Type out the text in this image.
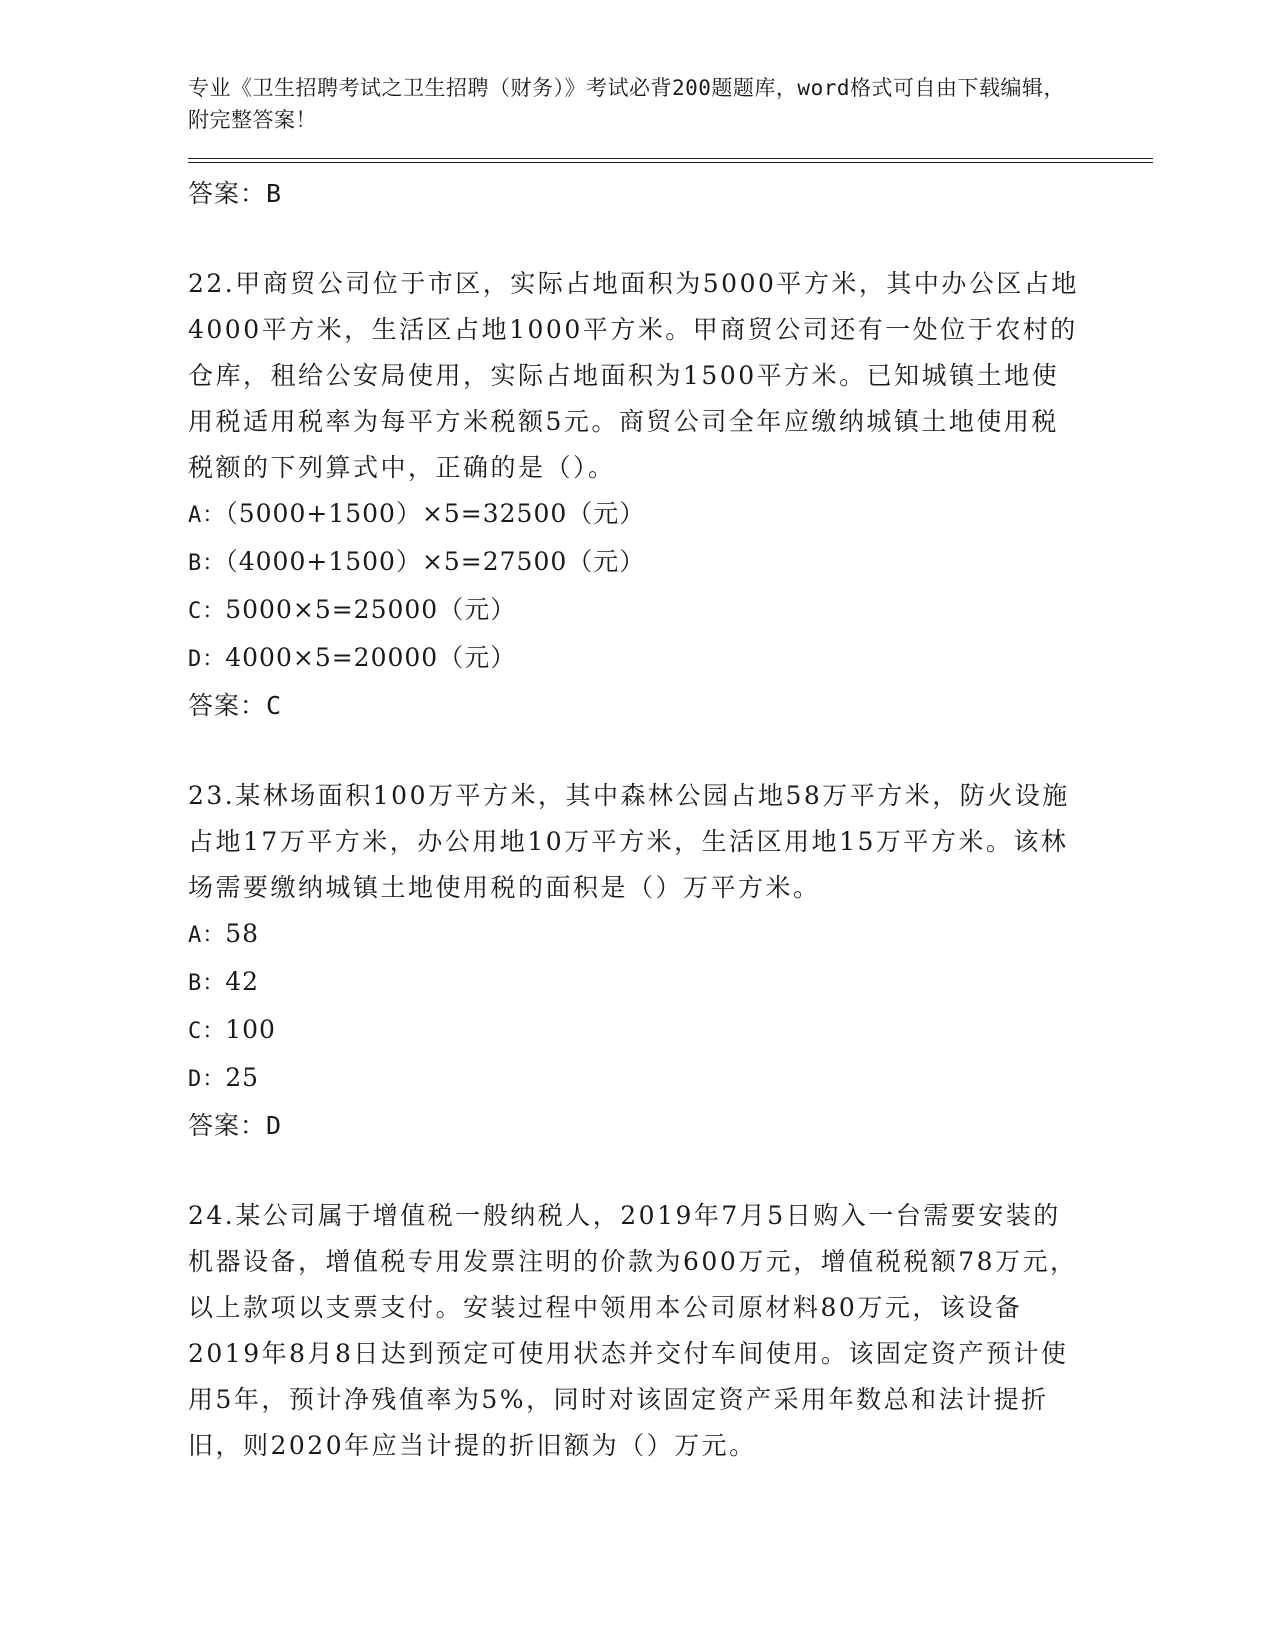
专业《卫生招聘考试之卫生招聘（财务）》考试必背200题题库，word格式可自由下载编辑，附完整答案！
答案：B
22.甲商贸公司位于市区，实际占地面积为5000平方米，其中办公区占地4000平方米，生活区占地1000平方米。甲商贸公司还有一处位于农村的仓库，租给公安局使用，实际占地面积为1500平方米。已知城镇土地使用税适用税率为每平方米税额5元。商贸公司全年应缴纳城镇土地使用税税额的下列算式中，正确的是（）。
A：（5000+1500）×5=32500（元）
B：（4000+1500）×5=27500（元）
C：5000×5=25000（元）
D：4000×5=20000（元）
答案：C
23.某林场面积100万平方米，其中森林公园占地58万平方米，防火设施占地17万平方米，办公用地10万平方米，生活区用地15万平方米。该林场需要缴纳城镇土地使用税的面积是（）万平方米。
A：58
B：42
C：100
D：25
答案：D
24.某公司属于增值税一般纳税人，2019年7月5日购入一台需要安装的机器设备，增值税专用发票注明的价款为600万元，增值税税额78万元，以上款项以支票支付。安装过程中领用本公司原材料80万元，该设备2019年8月8日达到预定可使用状态并交付车间使用。该固定资产预计使用5年，预计净残值率为5%，同时对该固定资产采用年数总和法计提折旧，则2020年应当计提的折旧额为（）万元。
